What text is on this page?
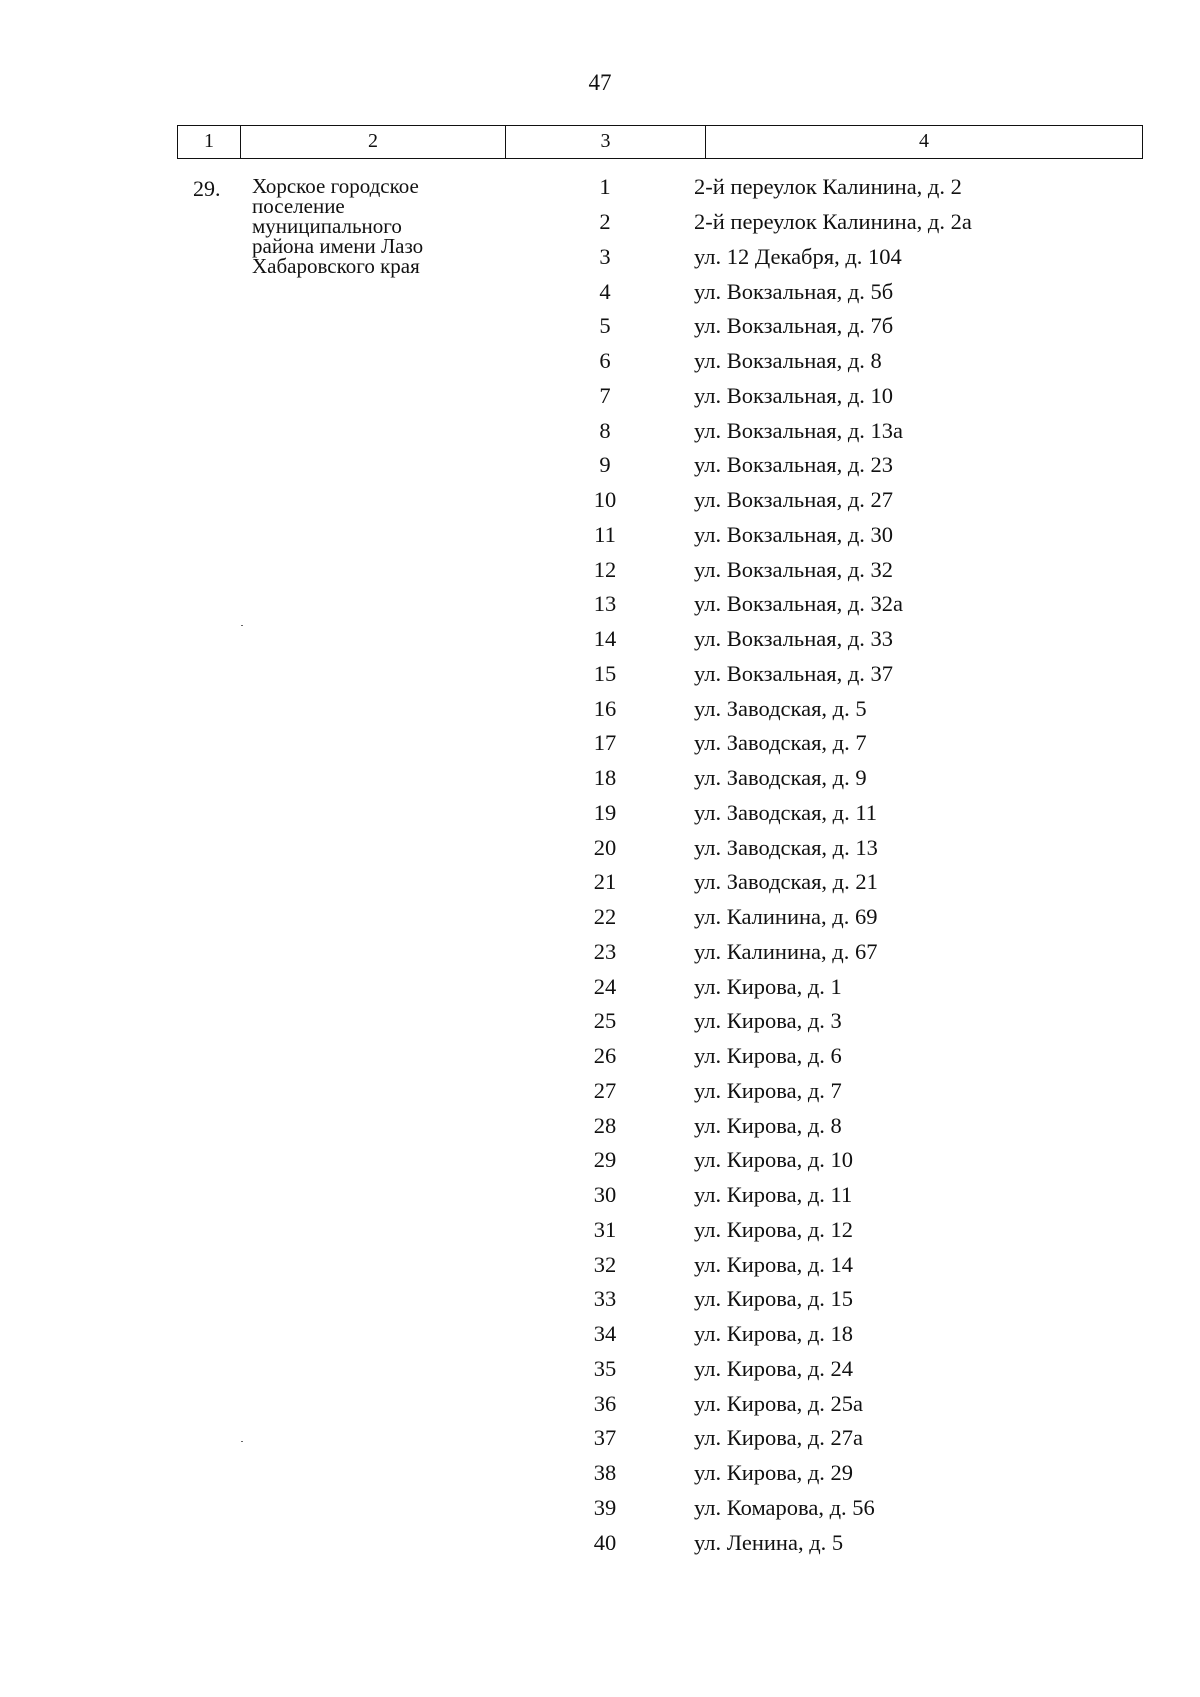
47
1	2	3	4
29. Хорское городское
поселение
муниципального
района имени Лазо
Хабаровского края
1	2-й переулок Калинина, д. 2
2	2-й переулок Калинина, д. 2а
3	ул. 12 Декабря, д. 104
4	ул. Вокзальная, д. 5б
5	ул. Вокзальная, д. 7б
6	ул. Вокзальная, д. 8
7	ул. Вокзальная, д. 10
8	ул. Вокзальная, д. 13а
9	ул. Вокзальная, д. 23
10	ул. Вокзальная, д. 27
11	ул. Вокзальная, д. 30
12	ул. Вокзальная, д. 32
13	ул. Вокзальная, д. 32а
14	ул. Вокзальная, д. 33
15	ул. Вокзальная, д. 37
16	ул. Заводская, д. 5
17	ул. Заводская, д. 7
18	ул. Заводская, д. 9
19	ул. Заводская, д. 11
20	ул. Заводская, д. 13
21	ул. Заводская, д. 21
22	ул. Калинина, д. 69
23	ул. Калинина, д. 67
24	ул. Кирова, д. 1
25	ул. Кирова, д. 3
26	ул. Кирова, д. 6
27	ул. Кирова, д. 7
28	ул. Кирова, д. 8
29	ул. Кирова, д. 10
30	ул. Кирова, д. 11
31	ул. Кирова, д. 12
32	ул. Кирова, д. 14
33	ул. Кирова, д. 15
34	ул. Кирова, д. 18
35	ул. Кирова, д. 24
36	ул. Кирова, д. 25а
37	ул. Кирова, д. 27а
38	ул. Кирова, д. 29
39	ул. Комарова, д. 56
40	ул. Ленина, д. 5
